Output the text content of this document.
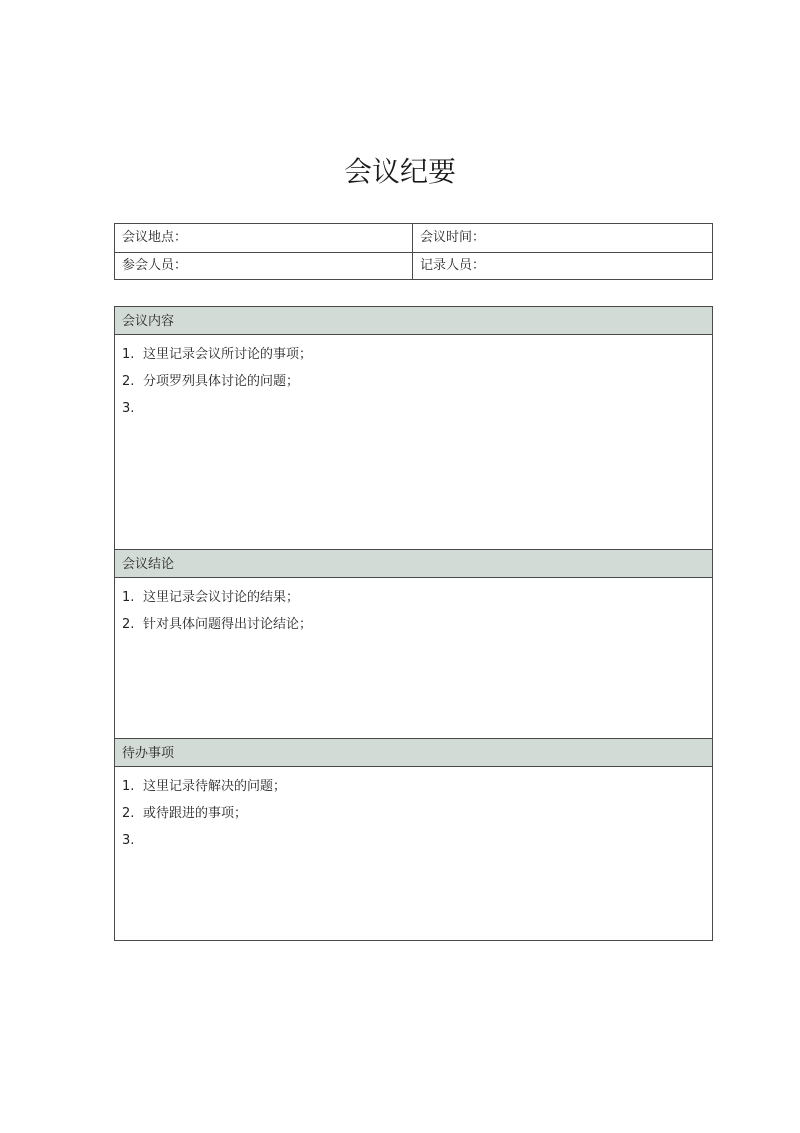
会议纪要
会议地点：	会议时间：
参会人员：	记录人员：
会议内容
1. 这里记录会议所讨论的事项；
2. 分项罗列具体讨论的问题；
3.
会议结论
1. 这里记录会议讨论的结果；
2. 针对具体问题得出讨论结论；
待办事项
1. 这里记录待解决的问题；
2. 或待跟进的事项；
3.
